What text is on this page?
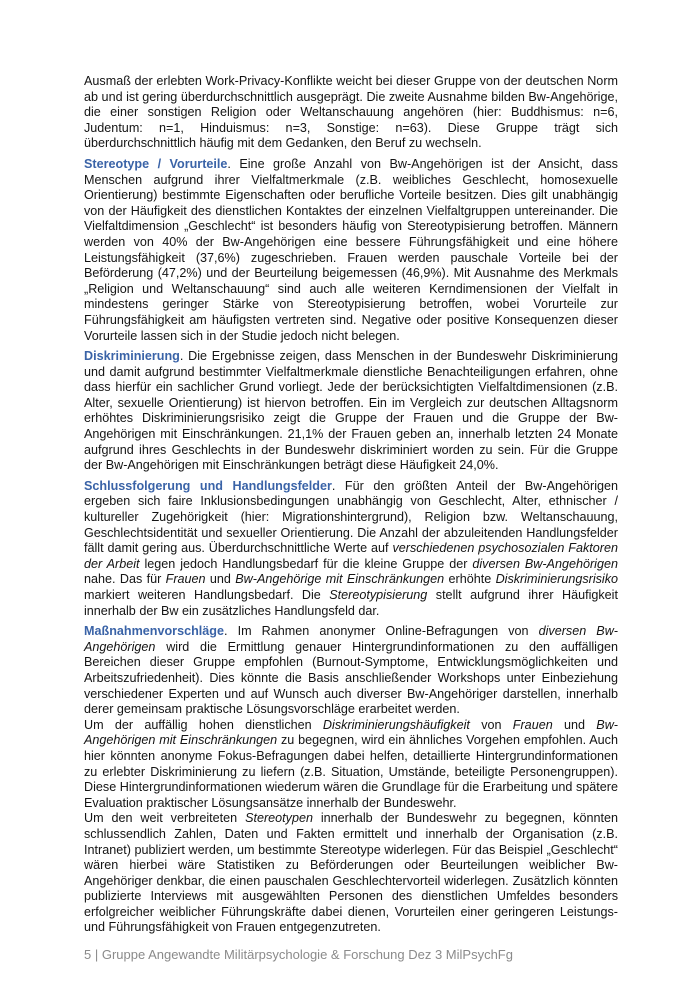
Ausmaß der erlebten Work-Privacy-Konflikte weicht bei dieser Gruppe von der deutschen Norm ab und ist gering überdurchschnittlich ausgeprägt. Die zweite Ausnahme bilden Bw-Angehörige, die einer sonstigen Religion oder Weltanschauung angehören (hier: Buddhismus: n=6, Judentum: n=1, Hinduismus: n=3, Sonstige: n=63). Diese Gruppe trägt sich überdurchschnittlich häufig mit dem Gedanken, den Beruf zu wechseln.

Stereotype / Vorurteile. Eine große Anzahl von Bw-Angehörigen ist der Ansicht, dass Menschen aufgrund ihrer Vielfaltmerkmale (z.B. weibliches Geschlecht, homosexuelle Orientierung) bestimmte Eigenschaften oder berufliche Vorteile besitzen. Dies gilt unabhängig von der Häufigkeit des dienstlichen Kontaktes der einzelnen Vielfaltgruppen untereinander. Die Vielfaltdimension „Geschlecht“ ist besonders häufig von Stereotypisierung betroffen. Männern werden von 40% der Bw-Angehörigen eine bessere Führungsfähigkeit und eine höhere Leistungsfähigkeit (37,6%) zugeschrieben. Frauen werden pauschale Vorteile bei der Beförderung (47,2%) und der Beurteilung beigemessen (46,9%). Mit Ausnahme des Merkmals „Religion und Weltanschauung“ sind auch alle weiteren Kerndimensionen der Vielfalt in mindestens geringer Stärke von Stereotypisierung betroffen, wobei Vorurteile zur Führungsfähigkeit am häufigsten vertreten sind. Negative oder positive Konsequenzen dieser Vorurteile lassen sich in der Studie jedoch nicht belegen.

Diskriminierung. Die Ergebnisse zeigen, dass Menschen in der Bundeswehr Diskriminierung und damit aufgrund bestimmter Vielfaltmerkmale dienstliche Benachteiligungen erfahren, ohne dass hierfür ein sachlicher Grund vorliegt. Jede der berücksichtigten Vielfaltdimensionen (z.B. Alter, sexuelle Orientierung) ist hiervon betroffen. Ein im Vergleich zur deutschen Alltagsnorm erhöhtes Diskriminierungsrisiko zeigt die Gruppe der Frauen und die Gruppe der Bw-Angehörigen mit Einschränkungen. 21,1% der Frauen geben an, innerhalb letzten 24 Monate aufgrund ihres Geschlechts in der Bundeswehr diskriminiert worden zu sein. Für die Gruppe der Bw-Angehörigen mit Einschränkungen beträgt diese Häufigkeit 24,0%.

Schlussfolgerung und Handlungsfelder. Für den größten Anteil der Bw-Angehörigen ergeben sich faire Inklusionsbedingungen unabhängig von Geschlecht, Alter, ethnischer / kultureller Zugehörigkeit (hier: Migrationshintergrund), Religion bzw. Weltanschauung, Geschlechtsidentität und sexueller Orientierung. Die Anzahl der abzuleitenden Handlungsfelder fällt damit gering aus. Überdurchschnittliche Werte auf verschiedenen psychosozialen Faktoren der Arbeit legen jedoch Handlungsbedarf für die kleine Gruppe der diversen Bw-Angehörigen nahe. Das für Frauen und Bw-Angehörige mit Einschränkungen erhöhte Diskriminierungsrisiko markiert weiteren Handlungsbedarf. Die Stereotypisierung stellt aufgrund ihrer Häufigkeit innerhalb der Bw ein zusätzliches Handlungsfeld dar.

Maßnahmenvorschläge. Im Rahmen anonymer Online-Befragungen von diversen Bw-Angehörigen wird die Ermittlung genauer Hintergrundinformationen zu den auffälligen Bereichen dieser Gruppe empfohlen (Burnout-Symptome, Entwicklungsmöglichkeiten und Arbeitszufriedenheit). Dies könnte die Basis anschließender Workshops unter Einbeziehung verschiedener Experten und auf Wunsch auch diverser Bw-Angehöriger darstellen, innerhalb derer gemeinsam praktische Lösungsvorschläge erarbeitet werden.

Um der auffällig hohen dienstlichen Diskriminierungshäufigkeit von Frauen und Bw-Angehörigen mit Einschränkungen zu begegnen, wird ein ähnliches Vorgehen empfohlen. Auch hier könnten anonyme Fokus-Befragungen dabei helfen, detaillierte Hintergrundinformationen zu erlebter Diskriminierung zu liefern (z.B. Situation, Umstände, beteiligte Personengruppen). Diese Hintergrundinformationen wiederum wären die Grundlage für die Erarbeitung und spätere Evaluation praktischer Lösungsansätze innerhalb der Bundeswehr.

Um den weit verbreiteten Stereotypen innerhalb der Bundeswehr zu begegnen, könnten schlussendlich Zahlen, Daten und Fakten ermittelt und innerhalb der Organisation (z.B. Intranet) publiziert werden, um bestimmte Stereotype widerlegen. Für das Beispiel „Geschlecht“ wären hierbei wäre Statistiken zu Beförderungen oder Beurteilungen weiblicher Bw-Angehöriger denkbar, die einen pauschalen Geschlechtervorteil widerlegen. Zusätzlich könnten publizierte Interviews mit ausgewählten Personen des dienstlichen Umfeldes besonders erfolgreicher weiblicher Führungskräfte dabei dienen, Vorurteilen einer geringeren Leistungs- und Führungsfähigkeit von Frauen entgegenzutreten.

5 | Gruppe Angewandte Militärpsychologie & Forschung Dez 3 MilPsychFg
